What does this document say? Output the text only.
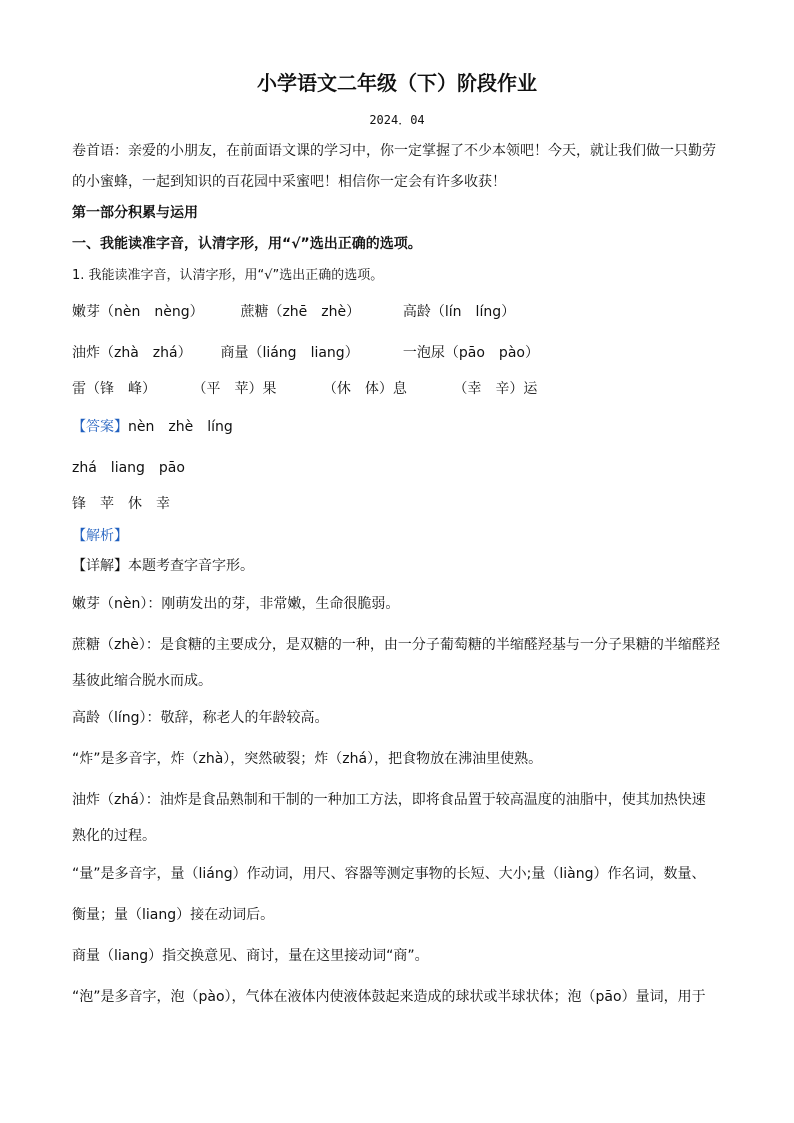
小学语文二年级（下）阶段作业
2024．04
卷首语：亲爱的小朋友，在前面语文课的学习中，你一定掌握了不少本领吧！今天，就让我们做一只勤劳
的小蜜蜂，一起到知识的百花园中采蜜吧！相信你一定会有许多收获！
第一部分积累与运用
一、我能读准字音，认清字形，用“√”选出正确的选项。
1. 我能读准字音，认清字形，用“√”选出正确的选项。
嫩芽（nèn　nèng）	蔗糖（zhē　zhè）	高龄（lín　líng）
油炸（zhà　zhá） 商量（liáng　liang）	一泡尿（pāo　pào）
雷（锋　峰）	（平　苹）果	（休　体）息	（幸　辛）运
【答案】nèn　zhè　líng
zhá　liang　pāo
锋　苹　休　幸
【解析】
【详解】本题考查字音字形。
嫩芽（nèn）：刚萌发出的芽，非常嫩，生命很脆弱。
蔗糖（zhè）：是食糖的主要成分，是双糖的一种，由一分子葡萄糖的半缩醛羟基与一分子果糖的半缩醛羟
基彼此缩合脱水而成。
高龄（líng）：敬辞，称老人的年龄较高。
“炸”是多音字，炸（zhà），突然破裂；炸（zhá），把食物放在沸油里使熟。
油炸（zhá）：油炸是食品熟制和干制的一种加工方法，即将食品置于较高温度的油脂中，使其加热快速
熟化的过程。
“量”是多音字，量（liáng）作动词，用尺、容器等测定事物的长短、大小;量（liàng）作名词，数量、
衡量；量（liang）接在动词后。
商量（liang）指交换意见、商讨，量在这里接动词“商”。
“泡”是多音字，泡（pào），气体在液体内使液体鼓起来造成的球状或半球状体；泡（pāo）量词，用于
